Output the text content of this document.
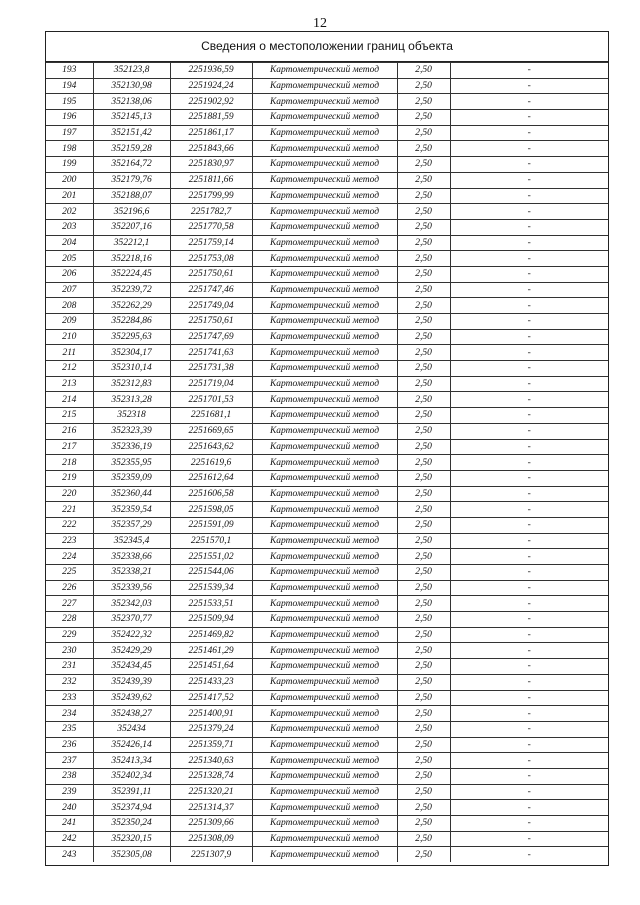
12
Сведения о местоположении границ объекта
193	352123,8	2251936,59	Картометрический метод	2,50	-
194	352130,98	2251924,24	Картометрический метод	2,50	-
195	352138,06	2251902,92	Картометрический метод	2,50	-
196	352145,13	2251881,59	Картометрический метод	2,50	-
197	352151,42	2251861,17	Картометрический метод	2,50	-
198	352159,28	2251843,66	Картометрический метод	2,50	-
199	352164,72	2251830,97	Картометрический метод	2,50	-
200	352179,76	2251811,66	Картометрический метод	2,50	-
201	352188,07	2251799,99	Картометрический метод	2,50	-
202	352196,6	2251782,7	Картометрический метод	2,50	-
203	352207,16	2251770,58	Картометрический метод	2,50	-
204	352212,1	2251759,14	Картометрический метод	2,50	-
205	352218,16	2251753,08	Картометрический метод	2,50	-
206	352224,45	2251750,61	Картометрический метод	2,50	-
207	352239,72	2251747,46	Картометрический метод	2,50	-
208	352262,29	2251749,04	Картометрический метод	2,50	-
209	352284,86	2251750,61	Картометрический метод	2,50	-
210	352295,63	2251747,69	Картометрический метод	2,50	-
211	352304,17	2251741,63	Картометрический метод	2,50	-
212	352310,14	2251731,38	Картометрический метод	2,50	-
213	352312,83	2251719,04	Картометрический метод	2,50	-
214	352313,28	2251701,53	Картометрический метод	2,50	-
215	352318	2251681,1	Картометрический метод	2,50	-
216	352323,39	2251669,65	Картометрический метод	2,50	-
217	352336,19	2251643,62	Картометрический метод	2,50	-
218	352355,95	2251619,6	Картометрический метод	2,50	-
219	352359,09	2251612,64	Картометрический метод	2,50	-
220	352360,44	2251606,58	Картометрический метод	2,50	-
221	352359,54	2251598,05	Картометрический метод	2,50	-
222	352357,29	2251591,09	Картометрический метод	2,50	-
223	352345,4	2251570,1	Картометрический метод	2,50	-
224	352338,66	2251551,02	Картометрический метод	2,50	-
225	352338,21	2251544,06	Картометрический метод	2,50	-
226	352339,56	2251539,34	Картометрический метод	2,50	-
227	352342,03	2251533,51	Картометрический метод	2,50	-
228	352370,77	2251509,94	Картометрический метод	2,50	-
229	352422,32	2251469,82	Картометрический метод	2,50	-
230	352429,29	2251461,29	Картометрический метод	2,50	-
231	352434,45	2251451,64	Картометрический метод	2,50	-
232	352439,39	2251433,23	Картометрический метод	2,50	-
233	352439,62	2251417,52	Картометрический метод	2,50	-
234	352438,27	2251400,91	Картометрический метод	2,50	-
235	352434	2251379,24	Картометрический метод	2,50	-
236	352426,14	2251359,71	Картометрический метод	2,50	-
237	352413,34	2251340,63	Картометрический метод	2,50	-
238	352402,34	2251328,74	Картометрический метод	2,50	-
239	352391,11	2251320,21	Картометрический метод	2,50	-
240	352374,94	2251314,37	Картометрический метод	2,50	-
241	352350,24	2251309,66	Картометрический метод	2,50	-
242	352320,15	2251308,09	Картометрический метод	2,50	-
243	352305,08	2251307,9	Картометрический метод	2,50	-
